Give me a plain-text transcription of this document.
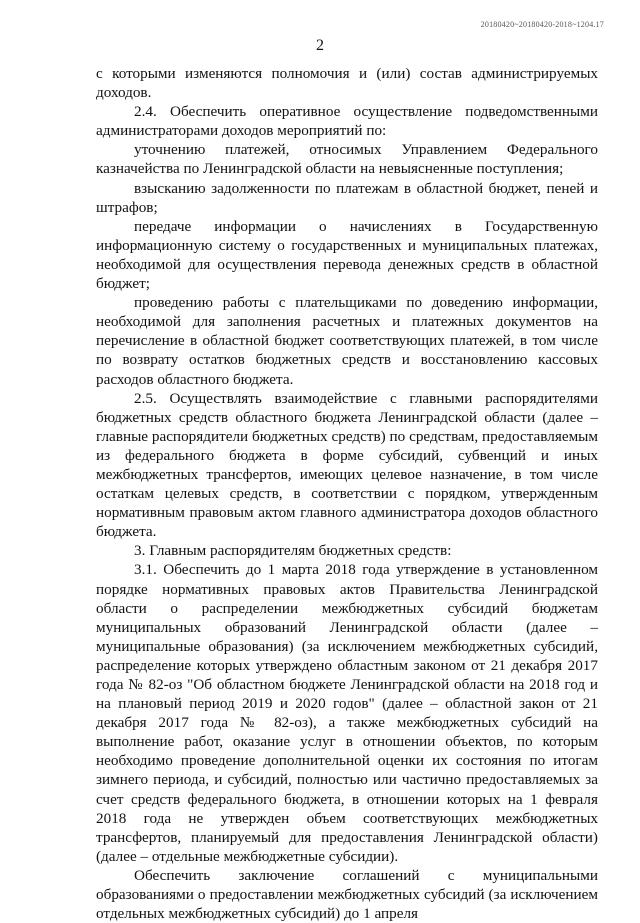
20180420~20180420-2018~1204.17
2

с которыми изменяются полномочия и (или) состав администрируемых доходов.

2.4. Обеспечить оперативное осуществление подведомственными администраторами доходов мероприятий по:

уточнению платежей, относимых Управлением Федерального казначейства по Ленинградской области на невыясненные поступления;

взысканию задолженности по платежам в областной бюджет, пеней и штрафов;

передаче информации о начислениях в Государственную информационную систему о государственных и муниципальных платежах, необходимой для осуществления перевода денежных средств в областной бюджет;

проведению работы с плательщиками по доведению информации, необходимой для заполнения расчетных и платежных документов на перечисление в областной бюджет соответствующих платежей, в том числе по возврату остатков бюджетных средств и восстановлению кассовых расходов областного бюджета.

2.5. Осуществлять взаимодействие с главными распорядителями бюджетных средств областного бюджета Ленинградской области (далее – главные распорядители бюджетных средств) по средствам, предоставляемым из федерального бюджета в форме субсидий, субвенций и иных межбюджетных трансфертов, имеющих целевое назначение, в том числе остаткам целевых средств, в соответствии с порядком, утвержденным нормативным правовым актом главного администратора доходов областного бюджета.

3. Главным распорядителям бюджетных средств:

3.1. Обеспечить до 1 марта 2018 года утверждение в установленном порядке нормативных правовых актов Правительства Ленинградской области о распределении межбюджетных субсидий бюджетам муниципальных образований Ленинградской области (далее – муниципальные образования) (за исключением межбюджетных субсидий, распределение которых утверждено областным законом от 21 декабря 2017 года № 82-оз "Об областном бюджете Ленинградской области на 2018 год и на плановый период 2019 и 2020 годов" (далее – областной закон от 21 декабря 2017 года № 82-оз), а также межбюджетных субсидий на выполнение работ, оказание услуг в отношении объектов, по которым необходимо проведение дополнительной оценки их состояния по итогам зимнего периода, и субсидий, полностью или частично предоставляемых за счет средств федерального бюджета, в отношении которых на 1 февраля 2018 года не утвержден объем соответствующих межбюджетных трансфертов, планируемый для предоставления Ленинградской области) (далее – отдельные межбюджетные субсидии).

Обеспечить заключение соглашений с муниципальными образованиями о предоставлении межбюджетных субсидий (за исключением отдельных межбюджетных субсидий) до 1 апреля
